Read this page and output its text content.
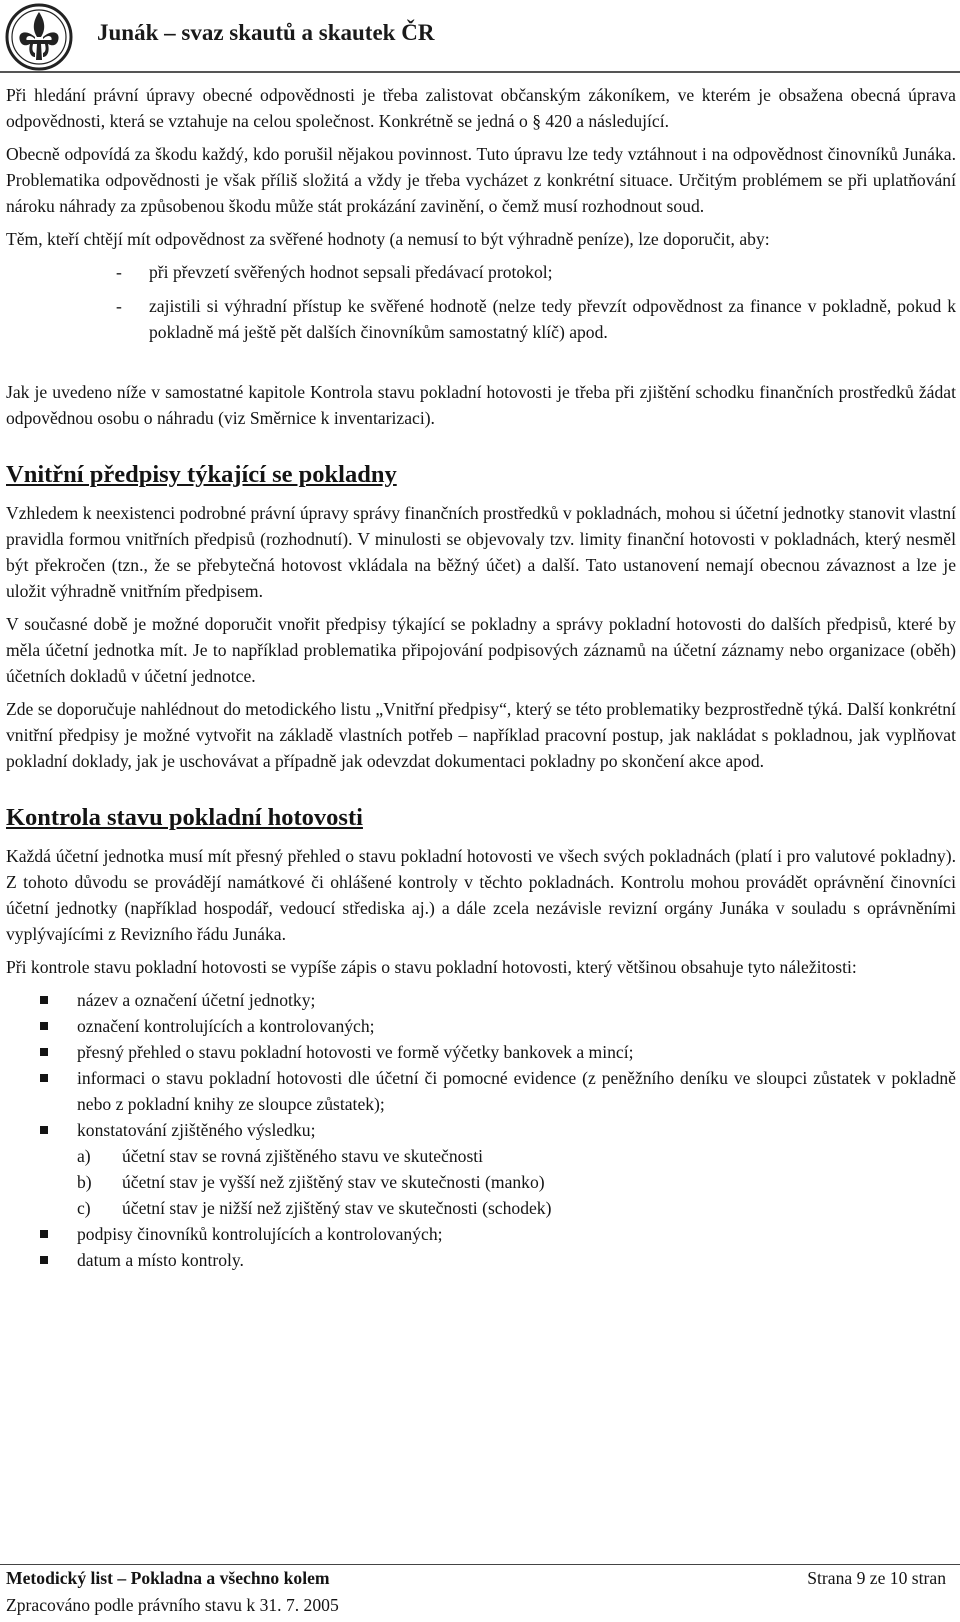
Junák – svaz skautů a skautek ČR

Při hledání právní úpravy obecné odpovědnosti je třeba zalistovat občanským zákoníkem, ve kterém je obsažena obecná úprava odpovědnosti, která se vztahuje na celou společnost. Konkrétně se jedná o § 420 a následující.

Obecně odpovídá za škodu každý, kdo porušil nějakou povinnost. Tuto úpravu lze tedy vztáhnout i na odpovědnost činovníků Junáka. Problematika odpovědnosti je však příliš složitá a vždy je třeba vycházet z konkrétní situace. Určitým problémem se při uplatňování nároku náhrady za způsobenou škodu může stát prokázání zavinění, o čemž musí rozhodnout soud.

Těm, kteří chtějí mít odpovědnost za svěřené hodnoty (a nemusí to být výhradně peníze), lze doporučit, aby:

- při převzetí svěřených hodnot sepsali předávací protokol;
- zajistili si výhradní přístup ke svěřené hodnotě (nelze tedy převzít odpovědnost za finance v pokladně, pokud k pokladně má ještě pět dalších činovníkům samostatný klíč) apod.

Jak je uvedeno níže v samostatné kapitole Kontrola stavu pokladní hotovosti je třeba při zjištění schodku finančních prostředků žádat odpovědnou osobu o náhradu (viz Směrnice k inventarizaci).

Vnitřní předpisy týkající se pokladny

Vzhledem k neexistenci podrobné právní úpravy správy finančních prostředků v pokladnách, mohou si účetní jednotky stanovit vlastní pravidla formou vnitřních předpisů (rozhodnutí). V minulosti se objevovaly tzv. limity finanční hotovosti v pokladnách, který nesměl být překročen (tzn., že se přebytečná hotovost vkládala na běžný účet) a další. Tato ustanovení nemají obecnou závaznost a lze je uložit výhradně vnitřním předpisem.

V současné době je možné doporučit vnořit předpisy týkající se pokladny a správy pokladní hotovosti do dalších předpisů, které by měla účetní jednotka mít. Je to například problematika připojování podpisových záznamů na účetní záznamy nebo organizace (oběh) účetních dokladů v účetní jednotce.

Zde se doporučuje nahlédnout do metodického listu „Vnitřní předpisy“, který se této problematiky bezprostředně týká. Další konkrétní vnitřní předpisy je možné vytvořit na základě vlastních potřeb – například pracovní postup, jak nakládat s pokladnou, jak vyplňovat pokladní doklady, jak je uschovávat a případně jak odevzdat dokumentaci pokladny po skončení akce apod.

Kontrola stavu pokladní hotovosti

Každá účetní jednotka musí mít přesný přehled o stavu pokladní hotovosti ve všech svých pokladnách (platí i pro valutové pokladny). Z tohoto důvodu se provádějí namátkové či ohlášené kontroly v těchto pokladnách. Kontrolu mohou provádět oprávnění činovníci účetní jednotky (například hospodář, vedoucí střediska aj.) a dále zcela nezávisle revizní orgány Junáka v souladu s oprávněními vyplývajícími z Revizního řádu Junáka.

Při kontrole stavu pokladní hotovosti se vypíše zápis o stavu pokladní hotovosti, který většinou obsahuje tyto náležitosti:

název a označení účetní jednotky;
označení kontrolujících a kontrolovaných;
přesný přehled o stavu pokladní hotovosti ve formě výčetky bankovek a mincí;
informaci o stavu pokladní hotovosti dle účetní či pomocné evidence (z peněžního deníku ve sloupci zůstatek v pokladně nebo z pokladní knihy ze sloupce zůstatek);
konstatování zjištěného výsledku;
a) účetní stav se rovná zjištěného stavu ve skutečnosti
b) účetní stav je vyšší než zjištěný stav ve skutečnosti (manko)
c) účetní stav je nižší než zjištěný stav ve skutečnosti (schodek)
podpisy činovníků kontrolujících a kontrolovaných;
datum a místo kontroly.
Metodický list – Pokladna a všechno kolem	Strana 9 ze 10 stran
Zpracováno podle právního stavu k 31. 7. 2005
